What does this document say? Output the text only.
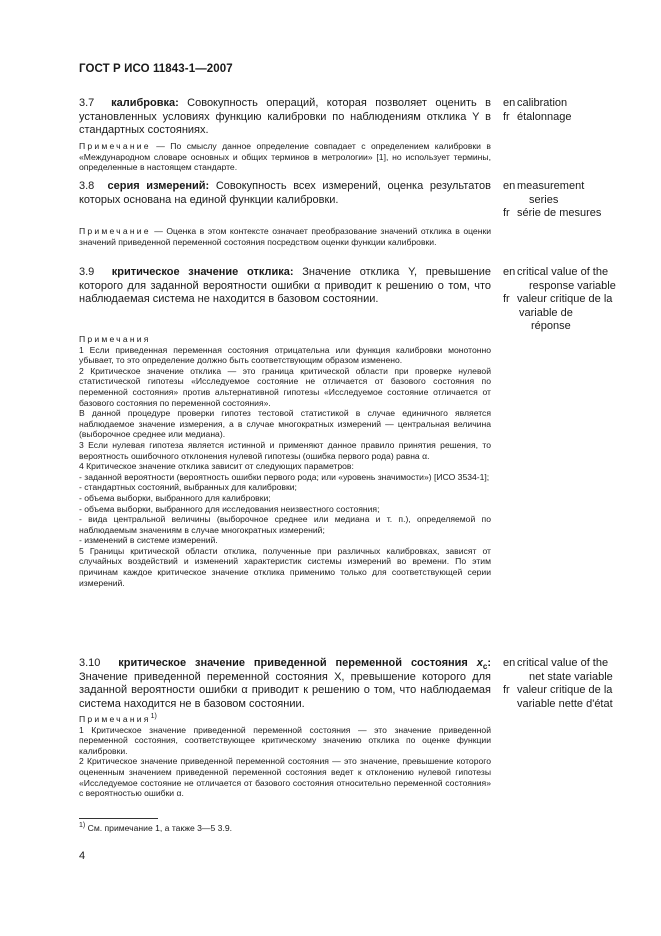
ГОСТ Р ИСО 11843-1—2007
3.7 калибровка: Совокупность операций, которая позволяет оценить в установленных условиях функцию калибровки по наблюдениям отклика Y в стандартных состояниях.

Примечание — По смыслу данное определение совпадает с определением калибровки в «Международном словаре основных и общих терминов в метрологии» [1], но использует термины, определенные в настоящем стандарте.

en calibration
fr étalonnage
3.8 серия измерений: Совокупность всех измерений, оценка результатов которых основана на единой функции калибровки.

Примечание — Оценка в этом контексте означает преобразование значений отклика в оценки значений приведенной переменной состояния посредством оценки функции калибровки.

en measurement
series
fr série de mesures
3.9 критическое значение отклика: Значение отклика Y, превышение которого для заданной вероятности ошибки α приводит к решению о том, что наблюдаемая система не находится в базовом состоянии.
en critical value of the
response variable
fr valeur critique de la
variable de
réponse

Примечания

1 Если приведенная переменная состояния отрицательна или функция калибровки монотонно убывает, то это определение должно быть соответствующим образом изменено.

2 Критическое значение отклика — это граница критической области при проверке нулевой статистической гипотезы «Исследуемое состояние не отличается от базового состояния по переменной состояния» против альтернативной гипотезы «Исследуемое состояние отличается от базового состояния по переменной состояния».

В данной процедуре проверки гипотез тестовой статистикой в случае единичного является наблюдаемое значение измерения, а в случае многократных измерений — центральная величина (выборочное среднее или медиана).

3 Если нулевая гипотеза является истинной и применяют данное правило принятия решения, то вероятность ошибочного отклонения нулевой гипотезы (ошибка первого рода) равна α.

4 Критическое значение отклика зависит от следующих параметров:

- заданной вероятности (вероятность ошибки первого рода; или «уровень значимости») [ИСО 3534-1];

- стандартных состояний, выбранных для калибровки;

- объема выборки, выбранного для калибровки;

- объема выборки, выбранного для исследования неизвестного состояния;

- вида центральной величины (выборочное среднее или медиана и т. п.), определяемой по наблюдаемым значениям в случае многократных измерений;

- изменений в системе измерений.

5 Границы критической области отклика, полученные при различных калибровках, зависят от случайных воздействий и изменений характеристик системы измерений во времени. По этим причинам каждое критическое значение отклика применимо только для соответствующей серии измерений.

3.10 критическое значение приведенной переменной состояния $x_c$: Значение приведенной переменной состояния X, превышение которого для заданной вероятности ошибки α приводит к решению о том, что наблюдаемая система находится не в базовом состоянии.
en critical value of the
net state variable
fr valeur critique de la
variable nette d'état

Примечания$^{1)}$

1 Критическое значение приведенной переменной состояния — это значение приведенной переменной состояния, соответствующее критическому значению отклика по оценке функции калибровки.

2 Критическое значение приведенной переменной состояния — это значение, превышение которого оцененным значением приведенной переменной состояния ведет к отклонению нулевой гипотезы «Исследуемое состояние не отличается от базового состояния относительно переменной состояния» с вероятностью ошибки α.

$^{1)}$ См. примечание 1, а также 3—5 3.9.
4
